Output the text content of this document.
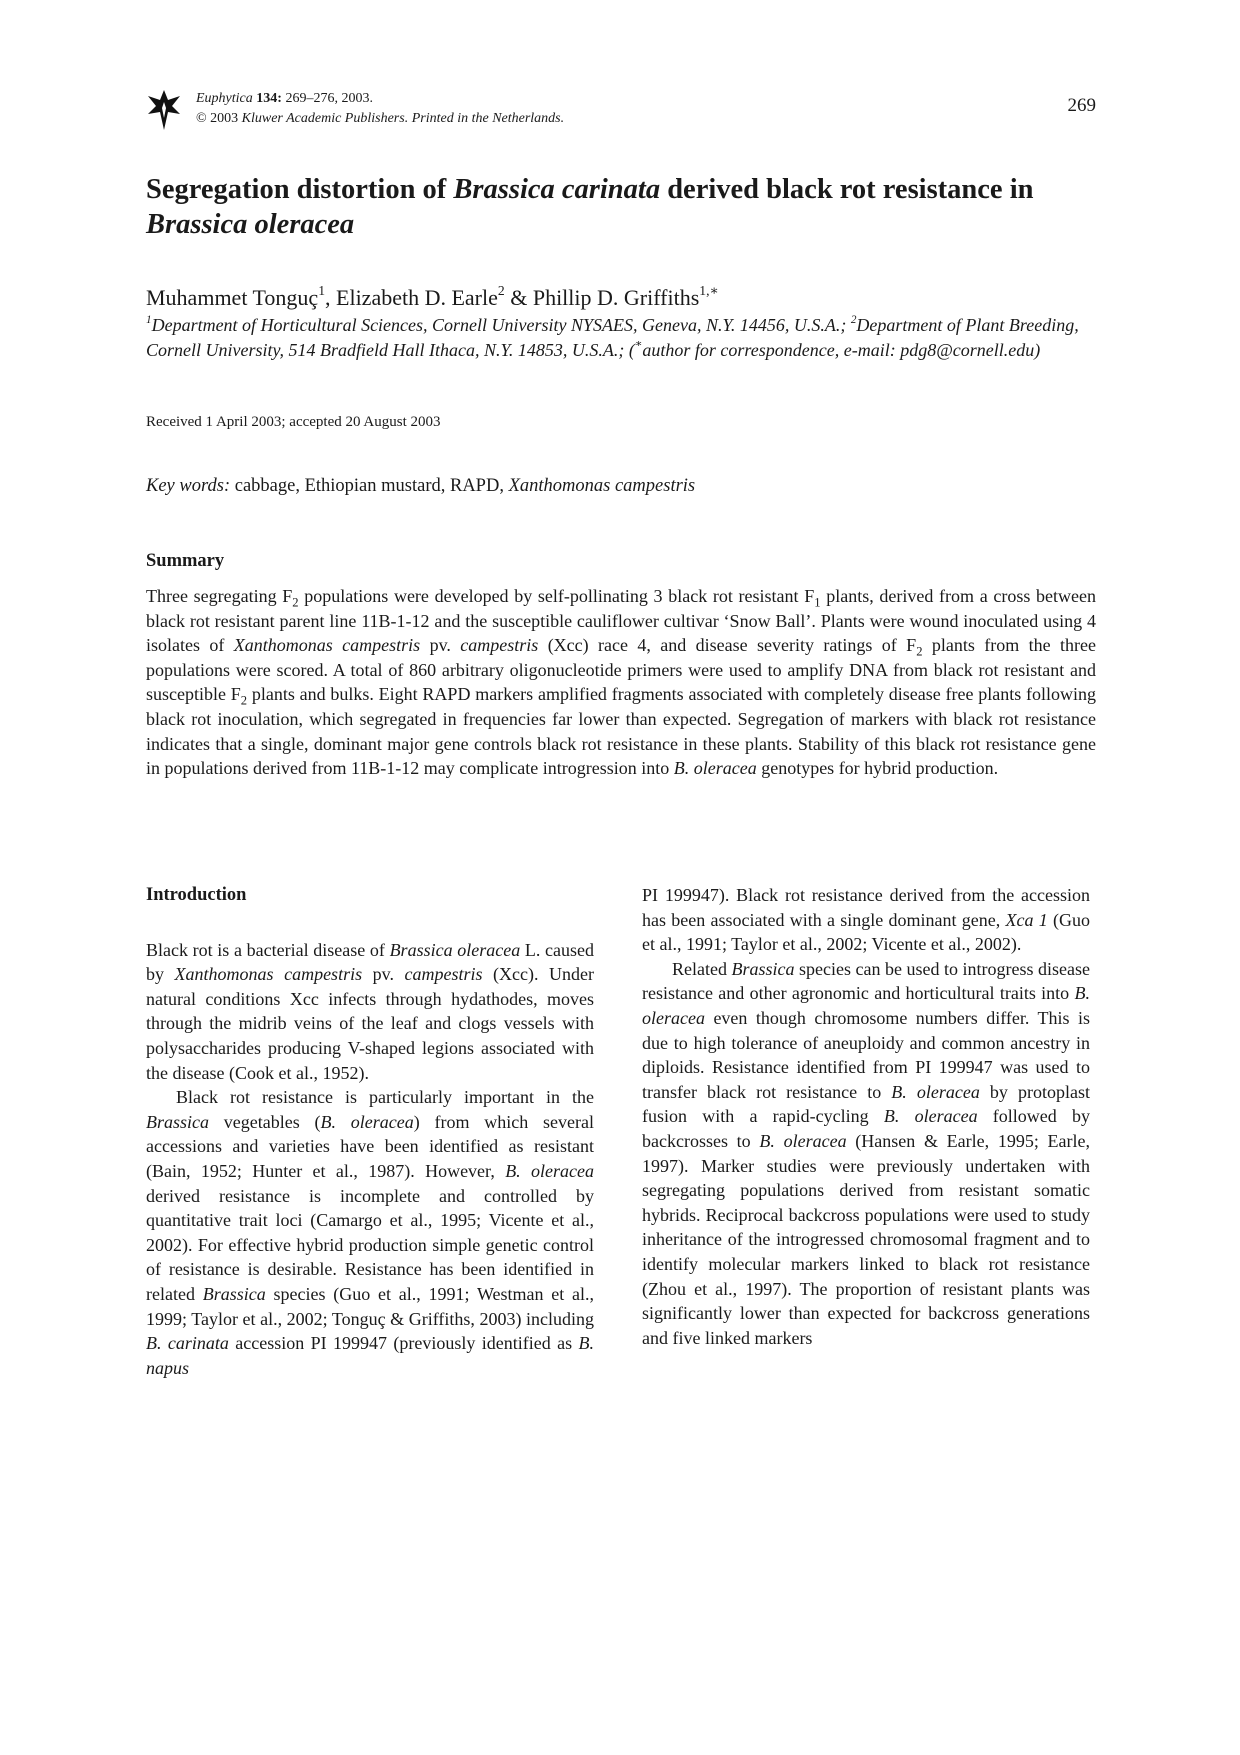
Euphytica 134: 269–276, 2003.
© 2003 Kluwer Academic Publishers. Printed in the Netherlands.
269
Segregation distortion of Brassica carinata derived black rot resistance in Brassica oleracea
Muhammet Tonguç$^1$, Elizabeth D. Earle$^2$ & Phillip D. Griffiths$^{1,∗}$
$^1$Department of Horticultural Sciences, Cornell University NYSAES, Geneva, N.Y. 14456, U.S.A.; $^2$Department of Plant Breeding, Cornell University, 514 Bradfield Hall Ithaca, N.Y. 14853, U.S.A.; (∗author for correspondence, e-mail: pdg8@cornell.edu)
Received 1 April 2003; accepted 20 August 2003
Key words: cabbage, Ethiopian mustard, RAPD, Xanthomonas campestris
Summary

Three segregating $F_2$ populations were developed by self-pollinating 3 black rot resistant $F_1$ plants, derived from a cross between black rot resistant parent line 11B-1-12 and the susceptible cauliflower cultivar ‘Snow Ball’. Plants were wound inoculated using 4 isolates of Xanthomonas campestris pv. campestris (Xcc) race 4, and disease severity ratings of $F_2$ plants from the three populations were scored. A total of 860 arbitrary oligonucleotide primers were used to amplify DNA from black rot resistant and susceptible $F_2$ plants and bulks. Eight RAPD markers amplified fragments associated with completely disease free plants following black rot inoculation, which segregated in frequencies far lower than expected. Segregation of markers with black rot resistance indicates that a single, dominant major gene controls black rot resistance in these plants. Stability of this black rot resistance gene in populations derived from 11B-1-12 may complicate introgression into B. oleracea genotypes for hybrid production.

Introduction

Black rot is a bacterial disease of Brassica oleracea L. caused by Xanthomonas campestris pv. campestris (Xcc). Under natural conditions Xcc infects through hydathodes, moves through the midrib veins of the leaf and clogs vessels with polysaccharides producing V-shaped legions associated with the disease (Cook et al., 1952).

Black rot resistance is particularly important in the Brassica vegetables (B. oleracea) from which several accessions and varieties have been identified as resistant (Bain, 1952; Hunter et al., 1987). However, B. oleracea derived resistance is incomplete and controlled by quantitative trait loci (Camargo et al., 1995; Vicente et al., 2002). For effective hybrid production simple genetic control of resistance is desirable. Resistance has been identified in related Brassica species (Guo et al., 1991; Westman et al., 1999; Taylor et al., 2002; Tonguç & Griffiths, 2003) including B. carinata accession PI 199947 (previously identified as B. napus

PI 199947). Black rot resistance derived from the accession has been associated with a single dominant gene, Xca 1 (Guo et al., 1991; Taylor et al., 2002; Vicente et al., 2002).

Related Brassica species can be used to introgress disease resistance and other agronomic and horticultural traits into B. oleracea even though chromosome numbers differ. This is due to high tolerance of aneuploidy and common ancestry in diploids. Resistance identified from PI 199947 was used to transfer black rot resistance to B. oleracea by protoplast fusion with a rapid-cycling B. oleracea followed by backcrosses to B. oleracea (Hansen & Earle, 1995; Earle, 1997). Marker studies were previously undertaken with segregating populations derived from resistant somatic hybrids. Reciprocal backcross populations were used to study inheritance of the introgressed chromosomal fragment and to identify molecular markers linked to black rot resistance (Zhou et al., 1997). The proportion of resistant plants was significantly lower than expected for backcross generations and five linked markers
